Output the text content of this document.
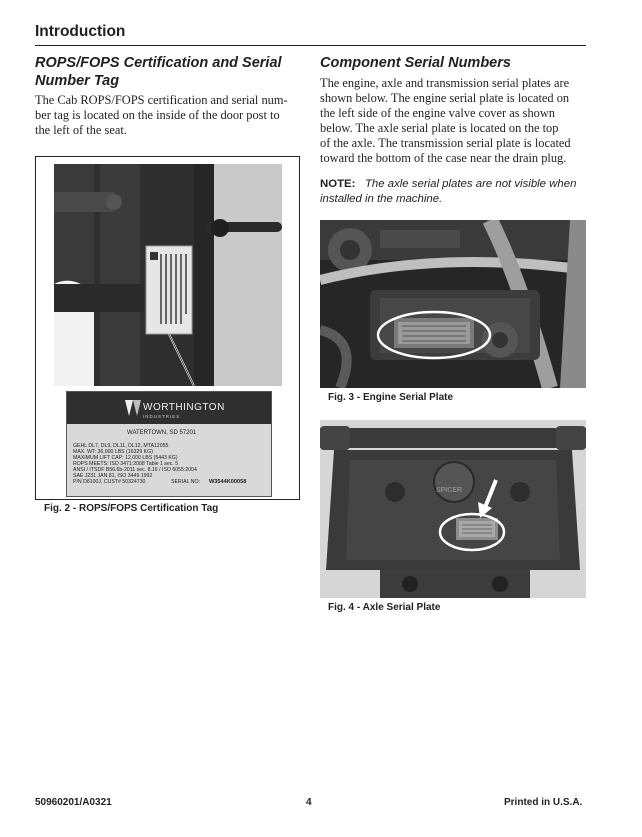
Introduction
ROPS/FOPS Certification and Serial
Number Tag
The Cab ROPS/FOPS certification and serial num-
ber tag is located on the inside of the door post to
the left of the seat.
WORTHINGTON
INDUSTRIES
WATERTOWN, SD 57201
GEHL DL7, DL9, DL11, DL12, MTA12055
MAX. WT: 36,000 LBS (16329 KG)
MAXIMUM LIFT CAP: 12,000 LBS (5443 KG)
ROPS MEETS: ISO 3471:2008 Table 1 sec. 5
ANSI / ITSDF B56.6b-2011 sec. 8.16 / ISO 6055:2004
SAE J231 JAN 81, ISO 3449 1992
P/N D8100J, CUST# 50324730	SERIAL NO: W3544K00058
Fig. 2 - ROPS/FOPS Certification Tag
Component Serial Numbers
The engine, axle and transmission serial plates are
shown below. The engine serial plate is located on
the left side of the engine valve cover as shown
below. The axle serial plate is located on the top
of the axle. The transmission serial plate is located
toward the bottom of the case near the drain plug.
NOTE: The axle serial plates are not visible when
installed in the machine.
Fig. 3 - Engine Serial Plate
SPICER
Fig. 4 - Axle Serial Plate
50960201/A0321	4	Printed in U.S.A.
